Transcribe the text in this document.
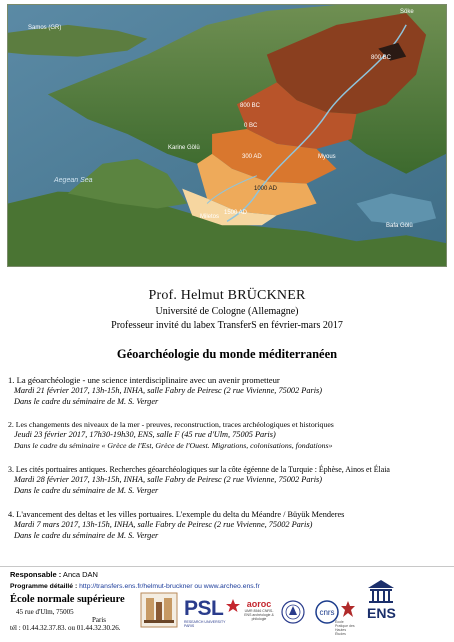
Samos (GR)
Söke
800 BC
800 BC
0 BC
300 AD
1000 AD
1500 AD
Myous
Miletos
Aegean Sea
Bafa Gölü
Karine Gölü
Prof. Helmut BRÜCKNER
Université de Cologne (Allemagne)
Professeur invité du labex TransferS en février-mars 2017
Géoarchéologie du monde méditerranéen
1. La géoarchéologie - une science interdisciplinaire avec un avenir prometteur
Mardi 21 février 2017, 13h-15h, INHA, salle Fabry de Peiresc (2 rue Vivienne, 75002 Paris)
Dans le cadre du séminaire de M. S. Verger
2. Les changements des niveaux de la mer - preuves, reconstruction, traces archéologiques et historiques
Jeudi 23 février 2017, 17h30-19h30, ENS, salle F (45 rue d'Ulm, 75005 Paris)
Dans le cadre du séminaire « Grèce de l'Est, Grèce de l'Ouest. Migrations, colonisations, fondations»
3. Les cités portuaires antiques. Recherches géoarchéologiques sur la côte égéenne de la Turquie : Éphèse, Ainos et Élaia
Mardi 28 février 2017, 13h-15h, INHA, salle Fabry de Peiresc (2 rue Vivienne, 75002 Paris)
Dans le cadre du séminaire de M. S. Verger
4. L'avancement des deltas et les villes portuaires. L'exemple du delta du Méandre / Büyük Menderes
Mardi 7 mars 2017, 13h-15h, INHA, salle Fabry de Peiresc (2 rue Vivienne, 75002 Paris)
Dans le cadre du séminaire de M. S. Verger
Responsable : Anca DAN
Programme détaillé : http://transfers.ens.fr/helmut-bruckner ou www.archeo.ens.fr
École normale supérieure
45 rue d'Ulm, 75005
Paris
tél : 01.44.32.37.83. ou 01.44.32.30.26.
PSL
RESEARCH UNIVERSITY PARIS
aoroc
UMR 8546 CNRS-ENS archéologie & philologie
cnrs
École Pratique des Hautes Études
ENS
